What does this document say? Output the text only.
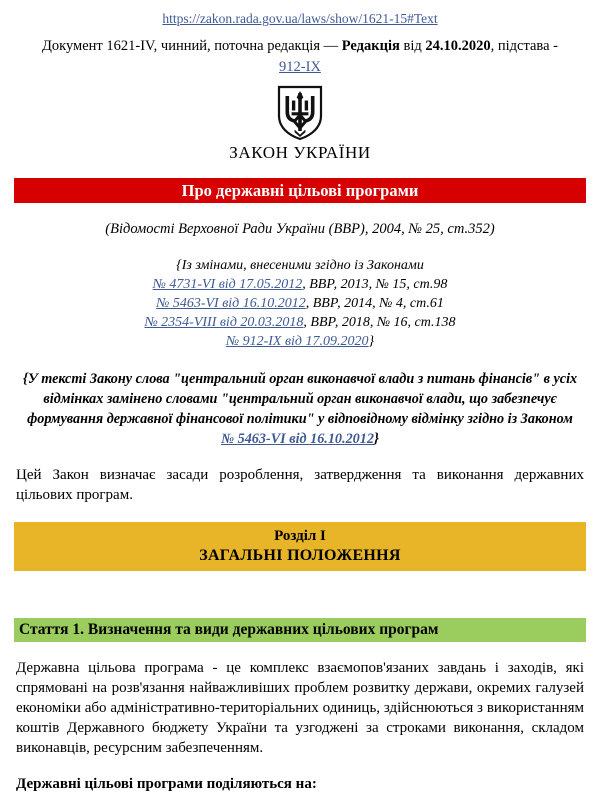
https://zakon.rada.gov.ua/laws/show/1621-15#Text
Документ 1621-IV, чинний, поточна редакція — Редакція від 24.10.2020, підстава -
912-IX
ЗАКОН УКРАЇНИ
Про державні цільові програми
(Відомості Верховної Ради України (ВВР), 2004, № 25, ст.352)
{Із змінами, внесеними згідно із Законами
№ 4731-VI від 17.05.2012, ВВР, 2013, № 15, ст.98
№ 5463-VI від 16.10.2012, ВВР, 2014, № 4, ст.61
№ 2354-VIII від 20.03.2018, ВВР, 2018, № 16, ст.138
№ 912-IX від 17.09.2020}
{У тексті Закону слова "центральний орган виконавчої влади з питань фінансів" в усіх відмінках замінено словами "центральний орган виконавчої влади, що забезпечує формування державної фінансової політики" у відповідному відмінку згідно із Законом № 5463-VI від 16.10.2012}

Цей Закон визначає засади розроблення, затвердження та виконання державних цільових програм.

Розділ I
ЗАГАЛЬНІ ПОЛОЖЕННЯ
Стаття 1. Визначення та види державних цільових програм

Державна цільова програма - це комплекс взаємопов'язаних завдань і заходів, які спрямовані на розв'язання найважливіших проблем розвитку держави, окремих галузей економіки або адміністративно-територіальних одиниць, здійснюються з використанням коштів Державного бюджету України та узгоджені за строками виконання, складом виконавців, ресурсним забезпеченням.

Державні цільові програми поділяються на:
